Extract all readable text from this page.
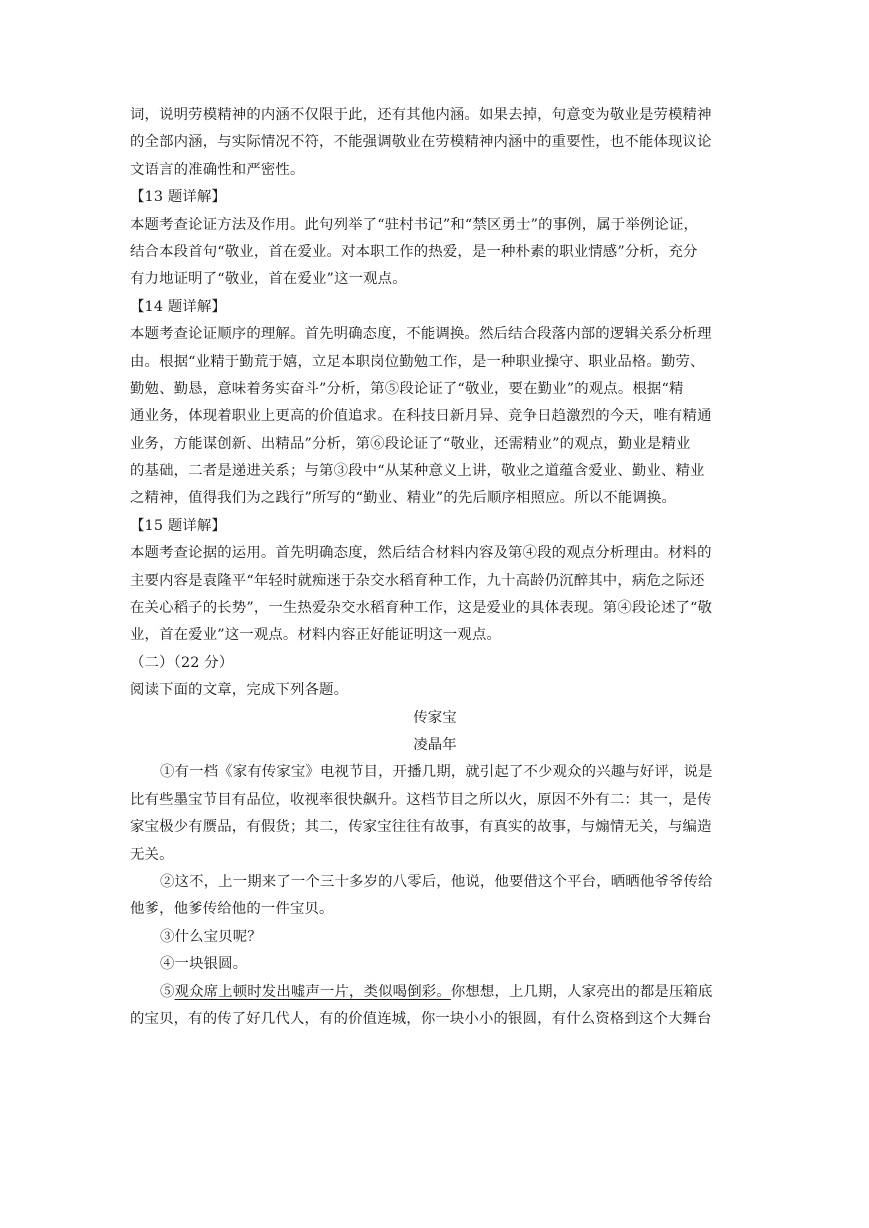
词，说明劳模精神的内涵不仅限于此，还有其他内涵。如果去掉，句意变为敬业是劳模精神
的全部内涵，与实际情况不符，不能强调敬业在劳模精神内涵中的重要性，也不能体现议论
文语言的准确性和严密性。
【13 题详解】
本题考查论证方法及作用。此句列举了“驻村书记”和“禁区勇士”的事例，属于举例论证，
结合本段首句“敬业，首在爱业。对本职工作的热爱，是一种朴素的职业情感”分析，充分
有力地证明了“敬业，首在爱业”这一观点。
【14 题详解】
本题考查论证顺序的理解。首先明确态度，不能调换。然后结合段落内部的逻辑关系分析理
由。根据“业精于勤荒于嬉，立足本职岗位勤勉工作，是一种职业操守、职业品格。勤劳、
勤勉、勤恳，意味着务实奋斗”分析，第⑤段论证了“敬业，要在勤业”的观点。根据“精
通业务，体现着职业上更高的价值追求。在科技日新月异、竞争日趋激烈的今天，唯有精通
业务，方能谋创新、出精品”分析，第⑥段论证了“敬业，还需精业”的观点，勤业是精业
的基础，二者是递进关系；与第③段中“从某种意义上讲，敬业之道蕴含爱业、勤业、精业
之精神，值得我们为之践行”所写的“勤业、精业”的先后顺序相照应。所以不能调换。
【15 题详解】
本题考查论据的运用。首先明确态度，然后结合材料内容及第④段的观点分析理由。材料的
主要内容是袁隆平“年轻时就痴迷于杂交水稻育种工作，九十高龄仍沉醉其中，病危之际还
在关心稻子的长势”，一生热爱杂交水稻育种工作，这是爱业的具体表现。第④段论述了“敬
业，首在爱业”这一观点。材料内容正好能证明这一观点。
（二）（22 分）
阅读下面的文章，完成下列各题。
传家宝
凌晶年
①有一档《家有传家宝》电视节目，开播几期，就引起了不少观众的兴趣与好评，说是
比有些墨宝节目有品位，收视率很快飙升。这档节目之所以火，原因不外有二：其一，是传
家宝极少有赝品，有假货；其二，传家宝往往有故事，有真实的故事，与煽情无关，与编造
无关。
②这不，上一期来了一个三十多岁的八零后，他说，他要借这个平台，晒晒他爷爷传给
他爹，他爹传给他的一件宝贝。
③什么宝贝呢？
④一块银圆。
⑤观众席上顿时发出嘘声一片，类似喝倒彩。你想想，上几期，人家亮出的都是压箱底
的宝贝，有的传了好几代人，有的价值连城，你一块小小的银圆，有什么资格到这个大舞台
